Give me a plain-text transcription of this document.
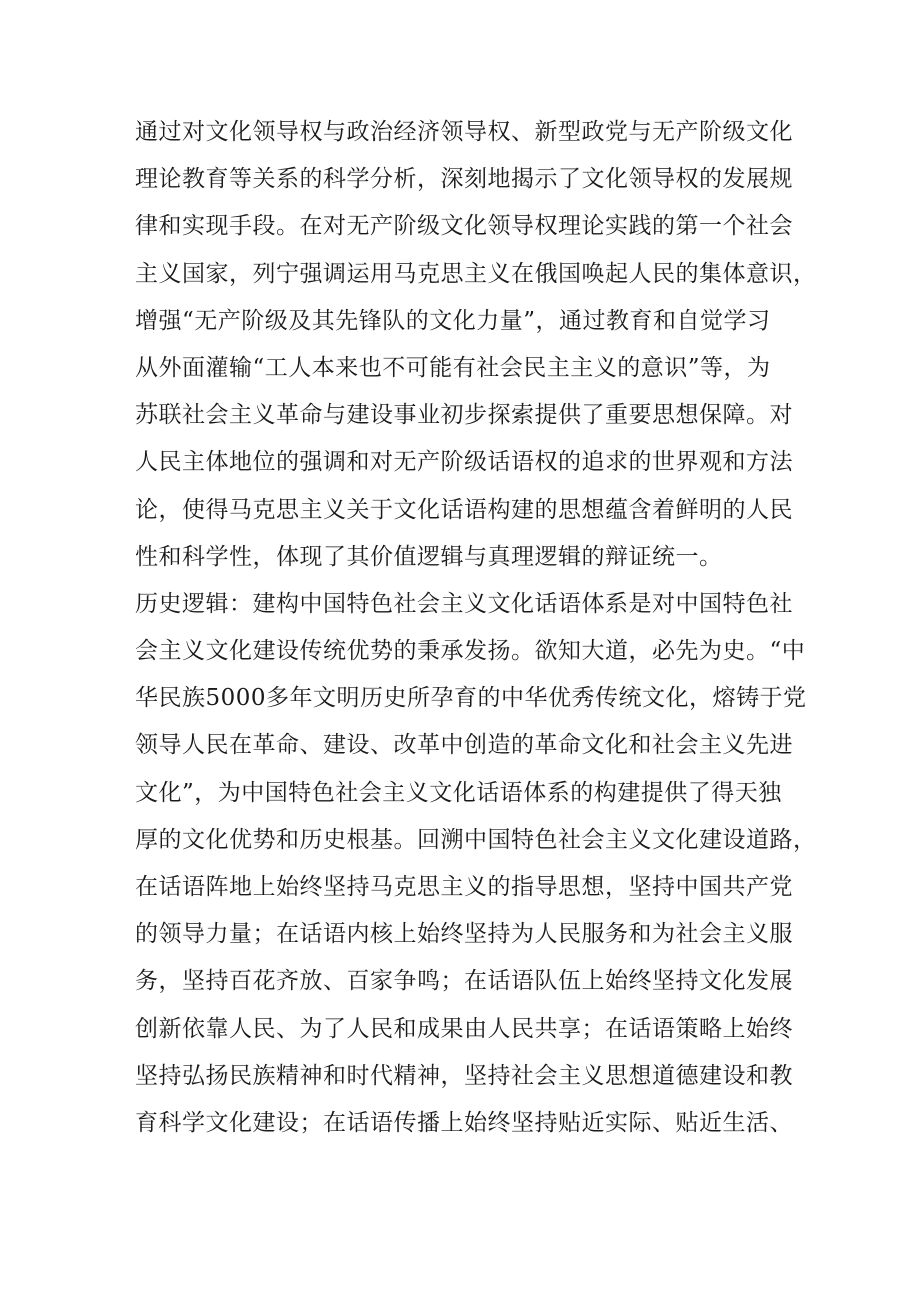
通过对文化领导权与政治经济领导权、新型政党与无产阶级文化
理论教育等关系的科学分析，深刻地揭示了文化领导权的发展规
律和实现手段。在对无产阶级文化领导权理论实践的第一个社会
主义国家，列宁强调运用马克思主义在俄国唤起人民的集体意识，
增强“无产阶级及其先锋队的文化力量”，通过教育和自觉学习
从外面灌输“工人本来也不可能有社会民主主义的意识”等，为
苏联社会主义革命与建设事业初步探索提供了重要思想保障。对
人民主体地位的强调和对无产阶级话语权的追求的世界观和方法
论，使得马克思主义关于文化话语构建的思想蕴含着鲜明的人民
性和科学性，体现了其价值逻辑与真理逻辑的辩证统一。
历史逻辑：建构中国特色社会主义文化话语体系是对中国特色社
会主义文化建设传统优势的秉承发扬。欲知大道，必先为史。“中
华民族5000多年文明历史所孕育的中华优秀传统文化，熔铸于党
领导人民在革命、建设、改革中创造的革命文化和社会主义先进
文化”，为中国特色社会主义文化话语体系的构建提供了得天独
厚的文化优势和历史根基。回溯中国特色社会主义文化建设道路，
在话语阵地上始终坚持马克思主义的指导思想，坚持中国共产党
的领导力量；在话语内核上始终坚持为人民服务和为社会主义服
务，坚持百花齐放、百家争鸣；在话语队伍上始终坚持文化发展
创新依靠人民、为了人民和成果由人民共享；在话语策略上始终
坚持弘扬民族精神和时代精神，坚持社会主义思想道德建设和教
育科学文化建设；在话语传播上始终坚持贴近实际、贴近生活、
